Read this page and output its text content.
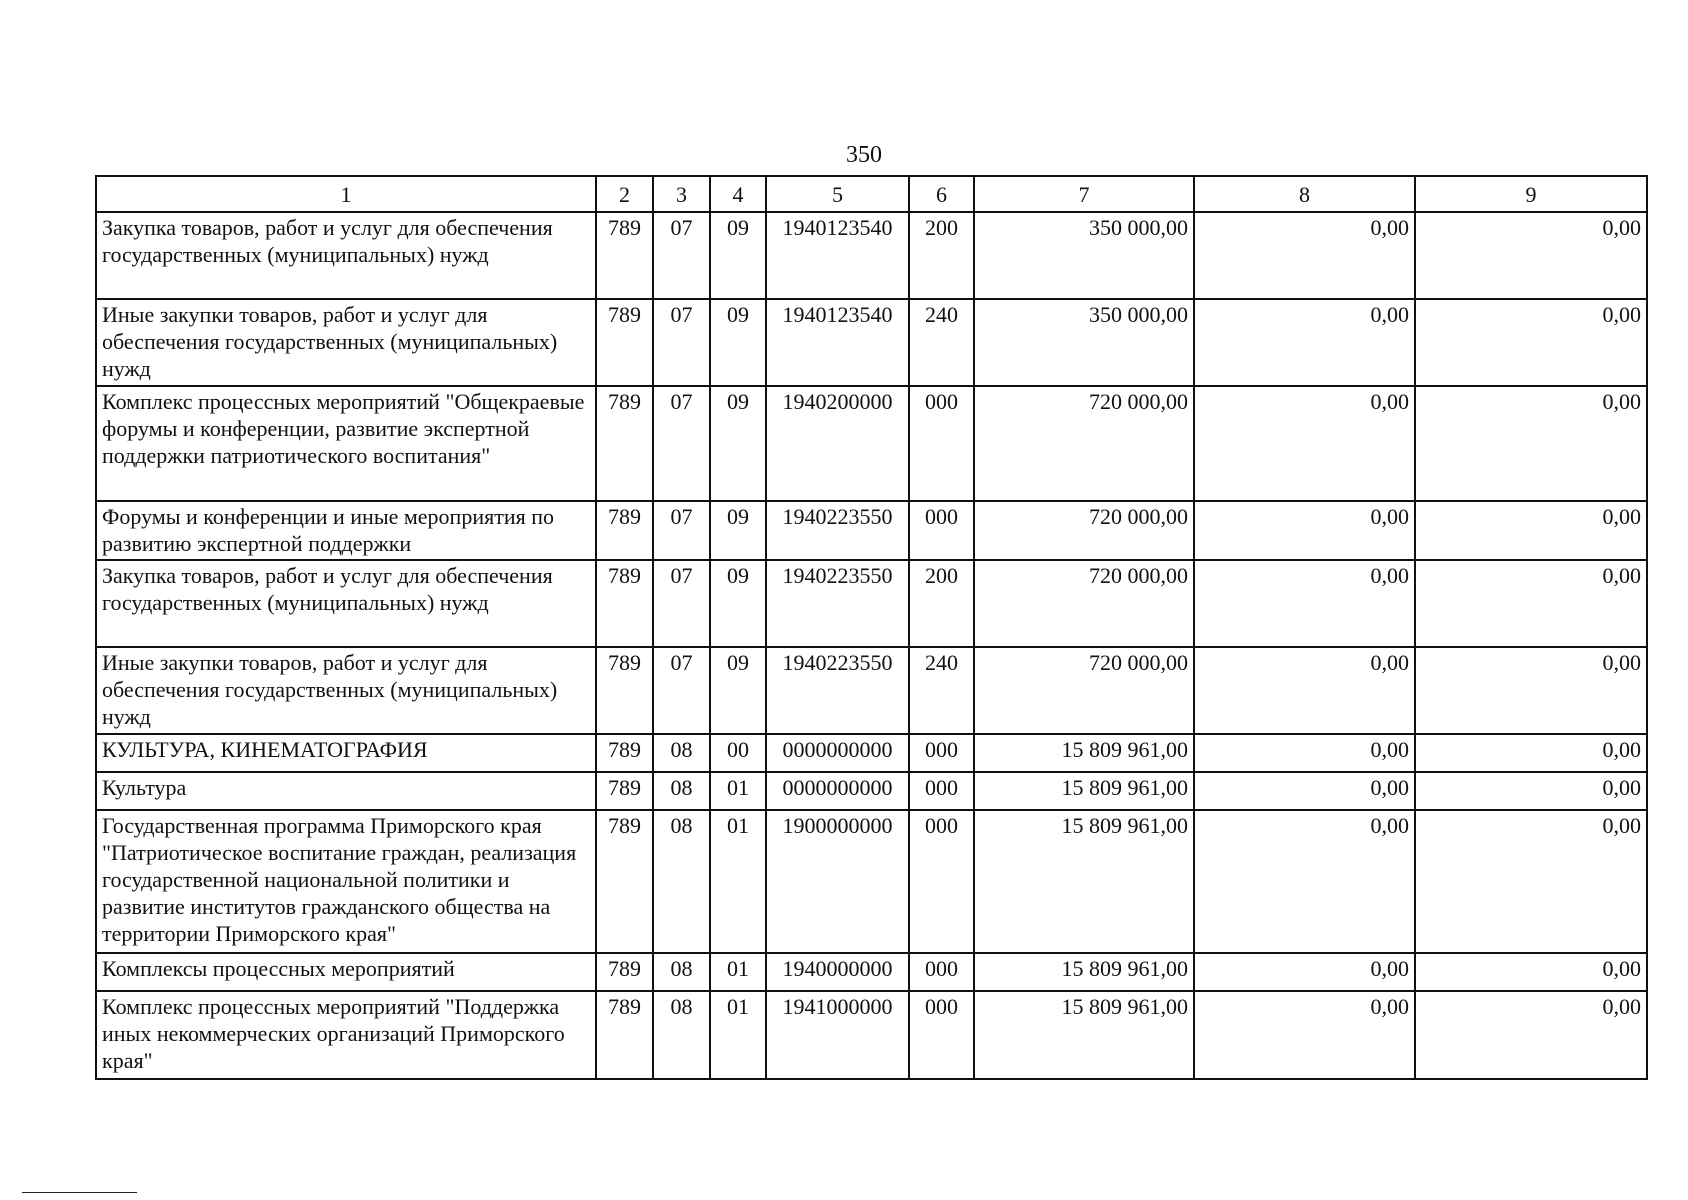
350
1	2	3	4	5	6	7	8	9
Закупка товаров, работ и услуг для обеспечения государственных (муниципальных) нужд	789	07	09	1940123540	200	350 000,00	0,00	0,00
Иные закупки товаров, работ и услуг для обеспечения государственных (муниципальных) нужд	789	07	09	1940123540	240	350 000,00	0,00	0,00
Комплекс процессных мероприятий "Общекраевые форумы и конференции, развитие экспертной поддержки патриотического воспитания"	789	07	09	1940200000	000	720 000,00	0,00	0,00
Форумы и конференции и иные мероприятия по развитию экспертной поддержки	789	07	09	1940223550	000	720 000,00	0,00	0,00
Закупка товаров, работ и услуг для обеспечения государственных (муниципальных) нужд	789	07	09	1940223550	200	720 000,00	0,00	0,00
Иные закупки товаров, работ и услуг для обеспечения государственных (муниципальных) нужд	789	07	09	1940223550	240	720 000,00	0,00	0,00
КУЛЬТУРА, КИНЕМАТОГРАФИЯ	789	08	00	0000000000	000	15 809 961,00	0,00	0,00
Культура	789	08	01	0000000000	000	15 809 961,00	0,00	0,00
Государственная программа Приморского края "Патриотическое воспитание граждан, реализация государственной национальной политики и развитие институтов гражданского общества на территории Приморского края"	789	08	01	1900000000	000	15 809 961,00	0,00	0,00
Комплексы процессных мероприятий	789	08	01	1940000000	000	15 809 961,00	0,00	0,00
Комплекс процессных мероприятий "Поддержка иных некоммерческих организаций Приморского края"	789	08	01	1941000000	000	15 809 961,00	0,00	0,00
